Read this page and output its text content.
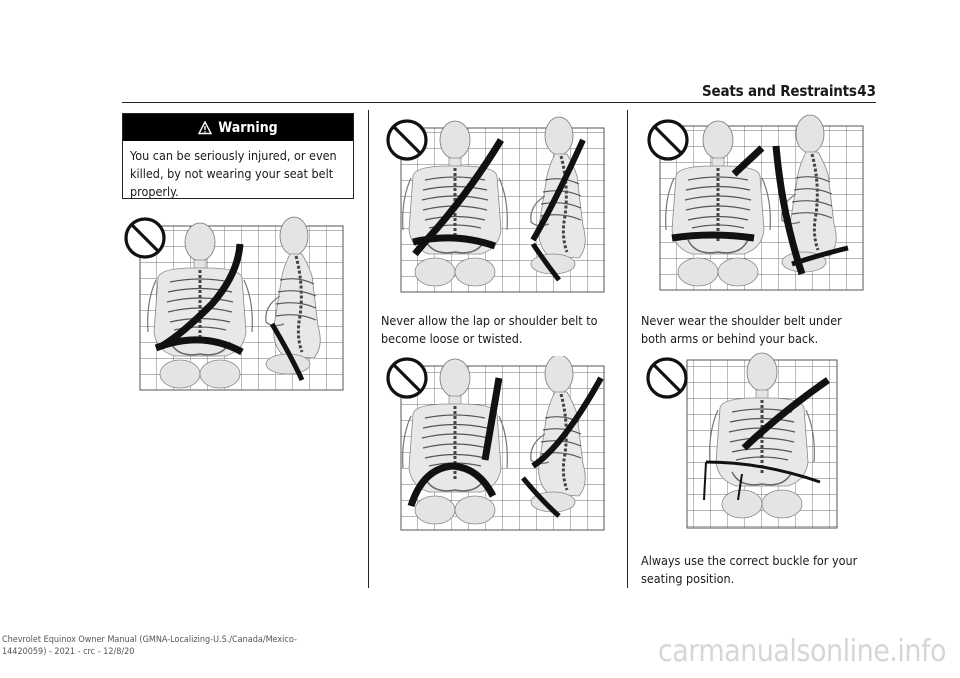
Seats and Restraints 43
Warning
You can be seriously injured, or even killed, by not wearing your seat belt properly.
Never allow the lap or shoulder belt to become loose or twisted.
Never wear the shoulder belt under both arms or behind your back.
Always use the correct buckle for your seating position.
Chevrolet Equinox Owner Manual (GMNA-Localizing-U.S./Canada/Mexico-
14420059) - 2021 - crc - 12/8/20	carmanualsonline.info
